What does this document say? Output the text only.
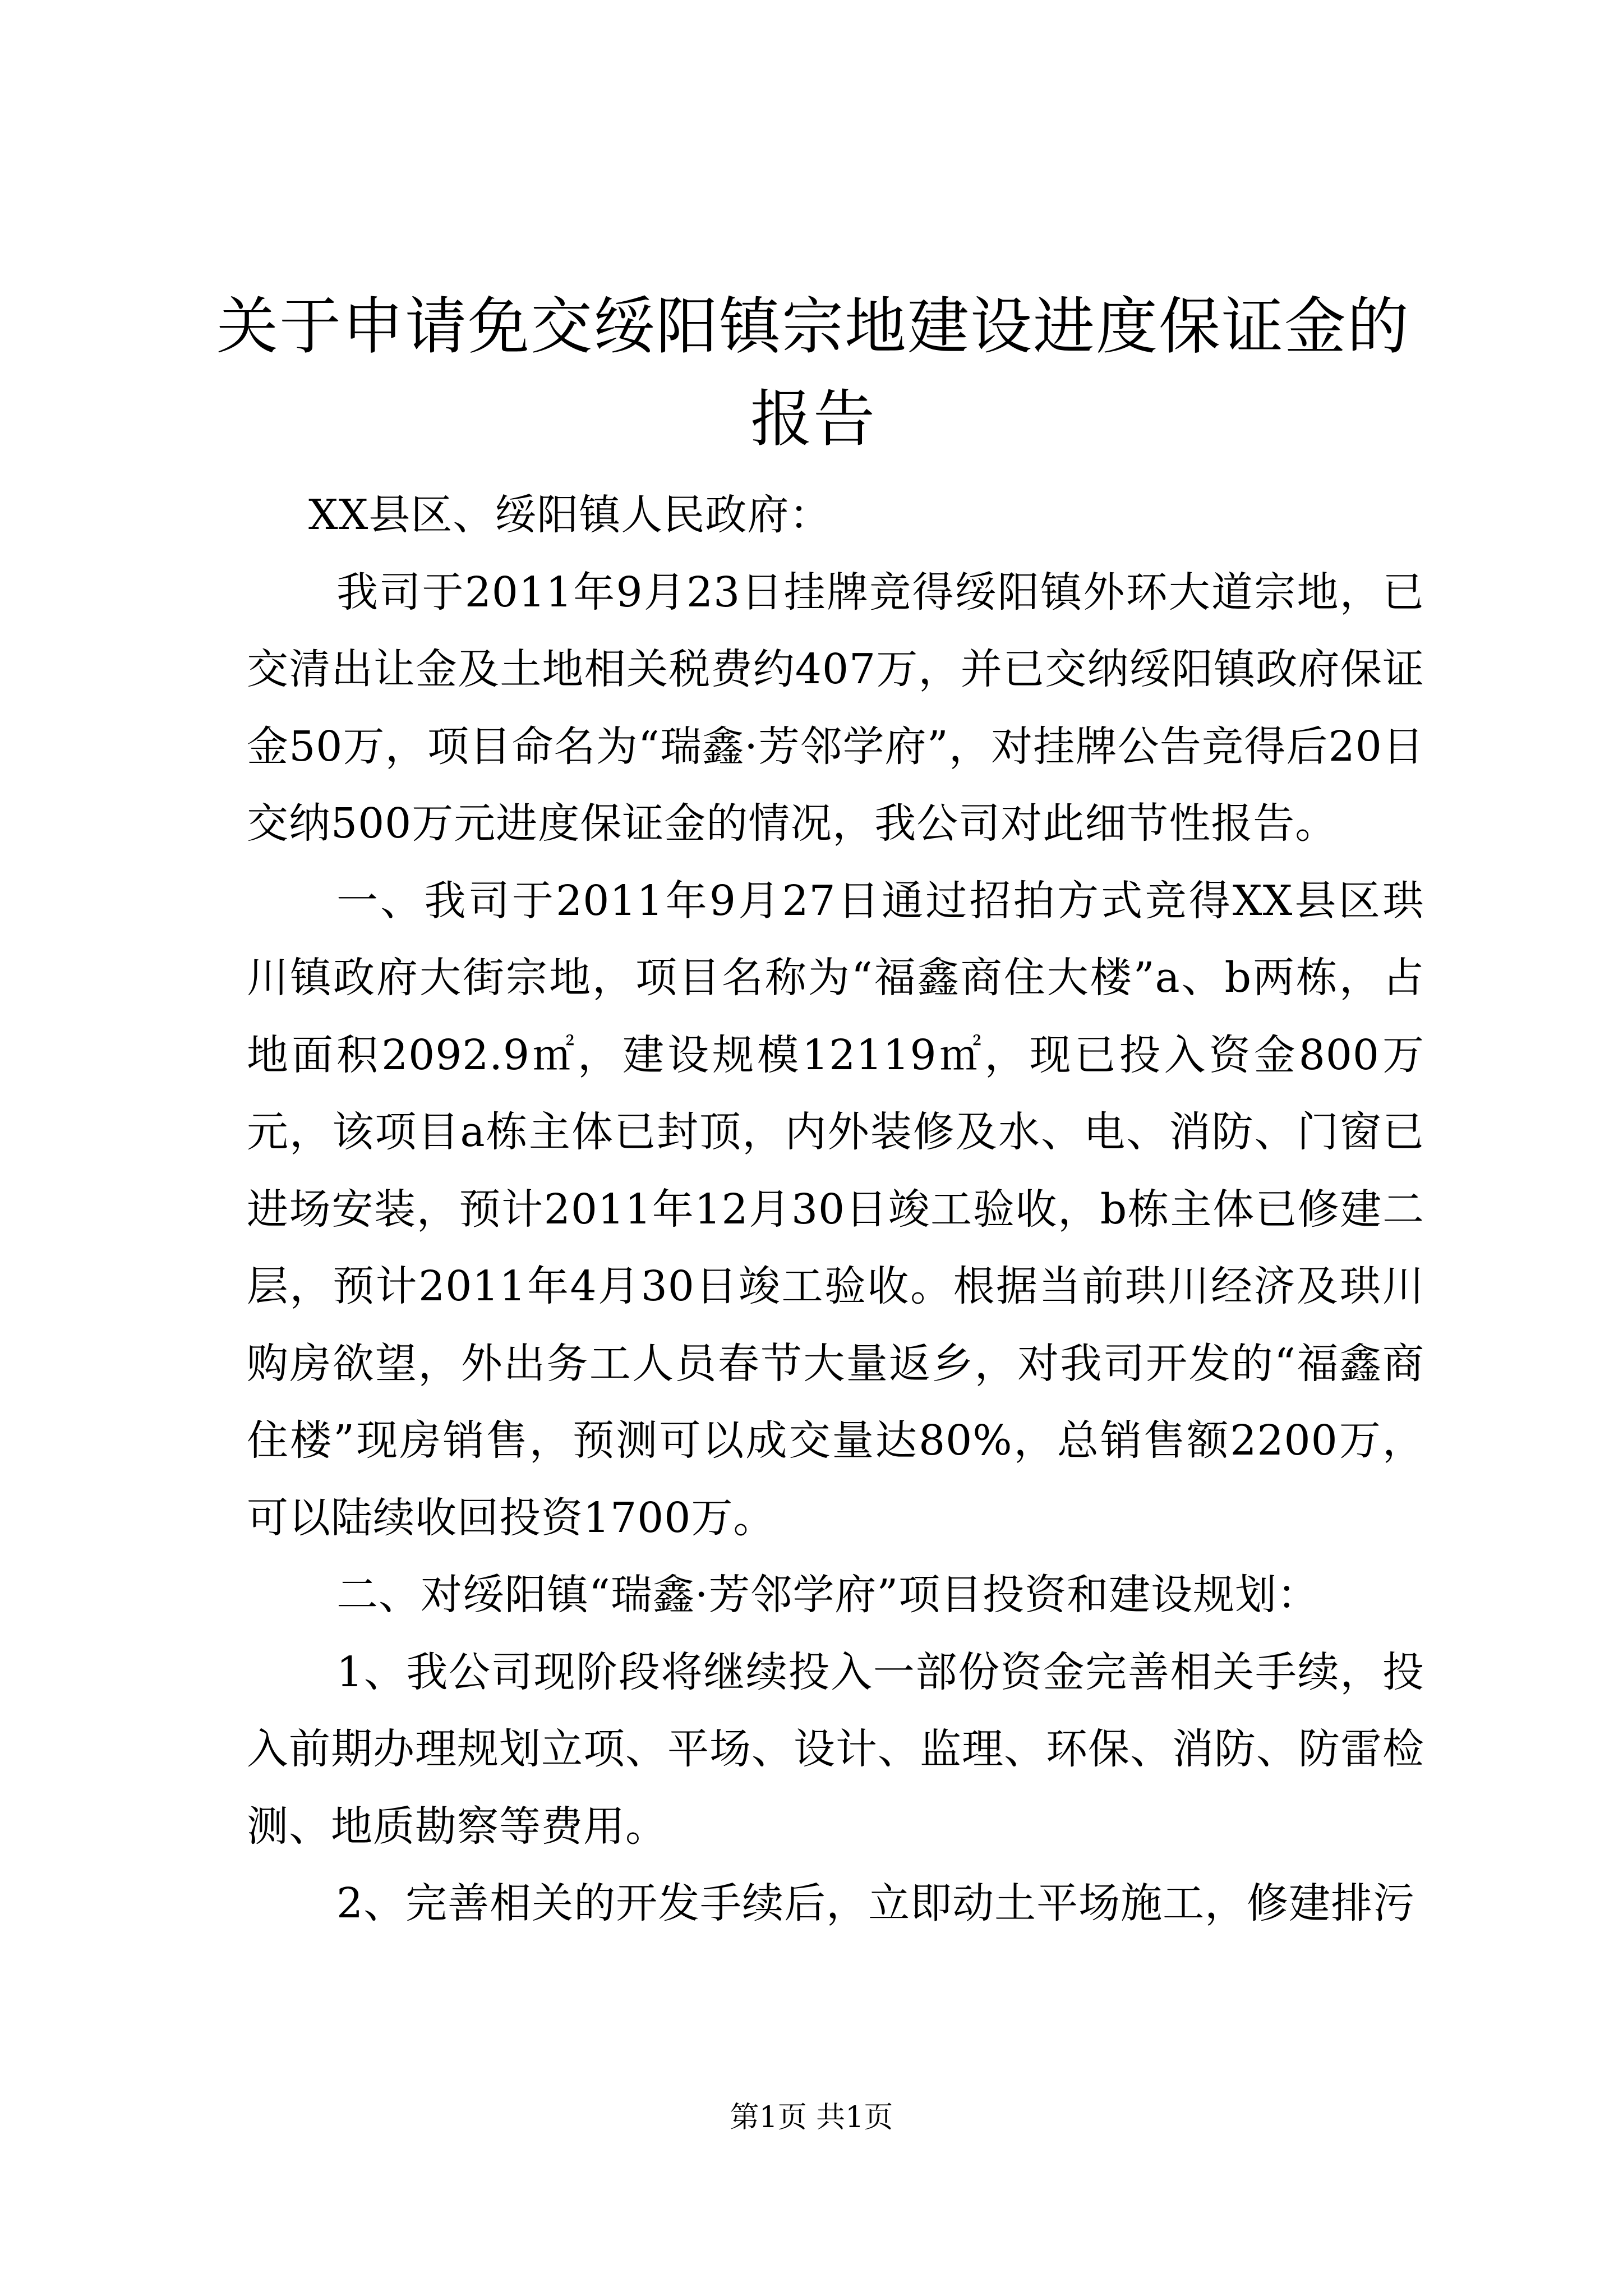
关于申请免交绥阳镇宗地建设进度保证金的报告

XX县区、绥阳镇人民政府：

我司于2011年9月23日挂牌竞得绥阳镇外环大道宗地，已交清出让金及土地相关税费约407万，并已交纳绥阳镇政府保证金50万，项目命名为“瑞鑫·芳邻学府”，对挂牌公告竞得后20日交纳500万元进度保证金的情况，我公司对此细节性报告。

一、我司于2011年9月27日通过招拍方式竞得XX县区珙川镇政府大街宗地，项目名称为“福鑫商住大楼”a、b两栋，占地面积2092.9㎡，建设规模12119㎡，现已投入资金800万元，该项目a栋主体已封顶，内外装修及水、电、消防、门窗已进场安装，预计2011年12月30日竣工验收，b栋主体已修建二层，预计2011年4月30日竣工验收。根据当前珙川经济及珙川购房欲望，外出务工人员春节大量返乡，对我司开发的“福鑫商住楼”现房销售，预测可以成交量达80%，总销售额2200万，可以陆续收回投资1700万。

二、对绥阳镇“瑞鑫·芳邻学府”项目投资和建设规划：

1、我公司现阶段将继续投入一部份资金完善相关手续，投入前期办理规划立项、平场、设计、监理、环保、消防、防雷检测、地质勘察等费用。

2、完善相关的开发手续后，立即动土平场施工，修建排污

第1页 共1页
